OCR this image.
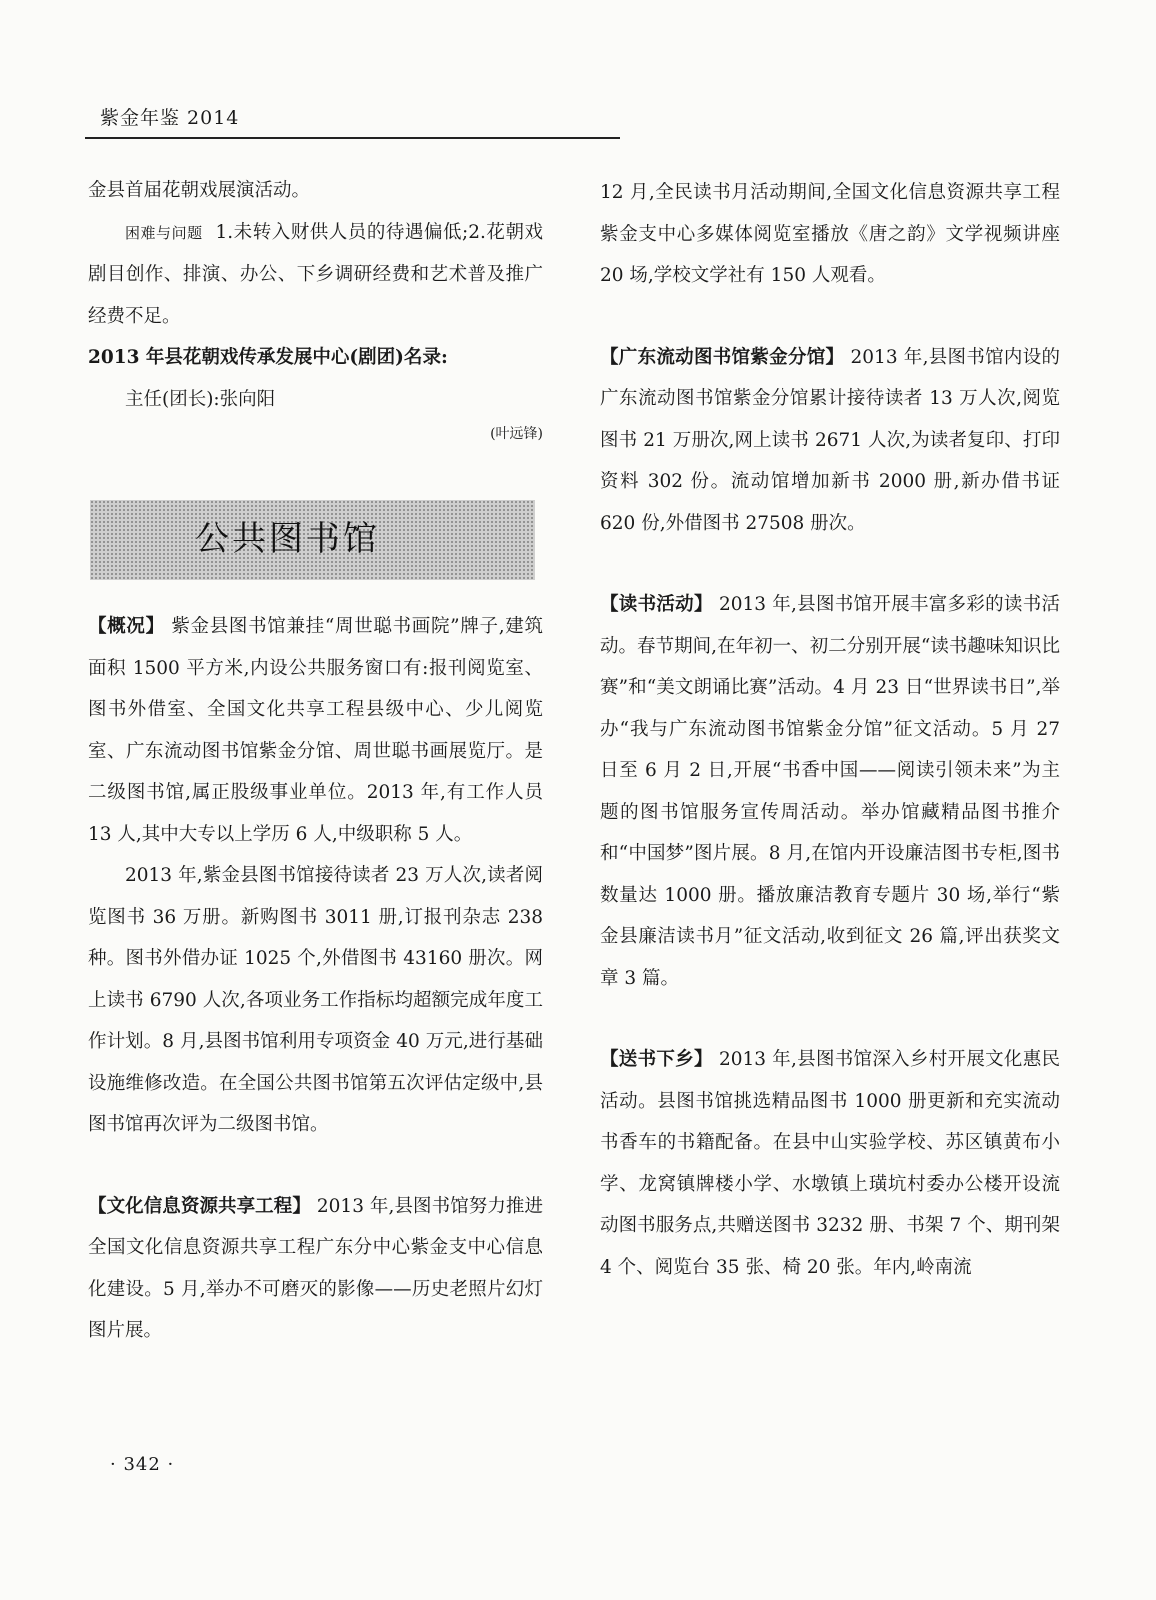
紫金年鉴 2014

金县首届花朝戏展演活动。

困难与问题 1.未转入财供人员的待遇偏低;2.花朝戏剧目创作、排演、办公、下乡调研经费和艺术普及推广经费不足。

2013 年县花朝戏传承发展中心(剧团)名录:

主任(团长):张向阳

(叶远锋)

公共图书馆

【概况】 紫金县图书馆兼挂“周世聪书画院”牌子,建筑面积 1500 平方米,内设公共服务窗口有:报刊阅览室、图书外借室、全国文化共享工程县级中心、少儿阅览室、广东流动图书馆紫金分馆、周世聪书画展览厅。是二级图书馆,属正股级事业单位。2013 年,有工作人员 13 人,其中大专以上学历 6 人,中级职称 5 人。

2013 年,紫金县图书馆接待读者 23 万人次,读者阅览图书 36 万册。新购图书 3011 册,订报刊杂志 238 种。图书外借办证 1025 个,外借图书 43160 册次。网上读书 6790 人次,各项业务工作指标均超额完成年度工作计划。8 月,县图书馆利用专项资金 40 万元,进行基础设施维修改造。在全国公共图书馆第五次评估定级中,县图书馆再次评为二级图书馆。

【文化信息资源共享工程】 2013 年,县图书馆努力推进全国文化信息资源共享工程广东分中心紫金支中心信息化建设。5 月,举办不可磨灭的影像——历史老照片幻灯图片展。

12 月,全民读书月活动期间,全国文化信息资源共享工程紫金支中心多媒体阅览室播放《唐之韵》文学视频讲座 20 场,学校文学社有 150 人观看。

【广东流动图书馆紫金分馆】 2013 年,县图书馆内设的广东流动图书馆紫金分馆累计接待读者 13 万人次,阅览图书 21 万册次,网上读书 2671 人次,为读者复印、打印资料 302 份。流动馆增加新书 2000 册,新办借书证 620 份,外借图书 27508 册次。

【读书活动】 2013 年,县图书馆开展丰富多彩的读书活动。春节期间,在年初一、初二分别开展“读书趣味知识比赛”和“美文朗诵比赛”活动。4 月 23 日“世界读书日”,举办“我与广东流动图书馆紫金分馆”征文活动。5 月 27 日至 6 月 2 日,开展“书香中国——阅读引领未来”为主题的图书馆服务宣传周活动。举办馆藏精品图书推介和“中国梦”图片展。8 月,在馆内开设廉洁图书专柜,图书数量达 1000 册。播放廉洁教育专题片 30 场,举行“紫金县廉洁读书月”征文活动,收到征文 26 篇,评出获奖文章 3 篇。

【送书下乡】 2013 年,县图书馆深入乡村开展文化惠民活动。县图书馆挑选精品图书 1000 册更新和充实流动书香车的书籍配备。在县中山实验学校、苏区镇黄布小学、龙窝镇牌楼小学、水墩镇上璜坑村委办公楼开设流动图书服务点,共赠送图书 3232 册、书架 7 个、期刊架 4 个、阅览台 35 张、椅 20 张。年内,岭南流

· 342 ·
